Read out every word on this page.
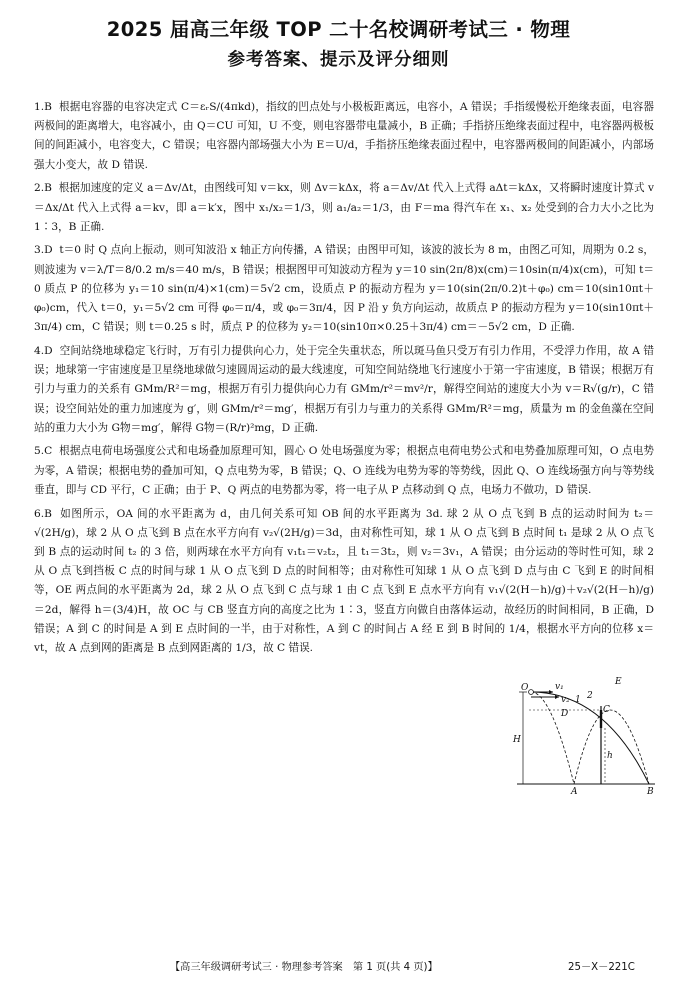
2025 届高三年级 TOP 二十名校调研考试三 · 物理
参考答案、提示及评分细则

1.B 根据电容器的电容决定式 C＝εᵣS/(4πkd)，指纹的凹点处与小极板距离远，电容小，A 错误；手指缓慢松开绝缘表面，电容器两极间的距离增大，电容减小，由 Q＝CU 可知，U 不变，则电容器带电量减小，B 正确；手指挤压绝缘表面过程中，电容器两极板间的间距减小，电容变大，C 错误；电容器内部场强大小为 E＝U/d，手指挤压绝缘表面过程中，电容器两极间的间距减小，内部场强大小变大，故 D 错误.

2.B 根据加速度的定义 a＝Δv/Δt，由图线可知 v＝kx，则 Δv＝kΔx，将 a＝Δv/Δt 代入上式得 aΔt＝kΔx，又将瞬时速度计算式 v＝Δx/Δt 代入上式得 a＝kv，即 a＝k′x，图中 x₁/x₂＝1/3，则 a₁/a₂＝1/3，由 F＝ma 得汽车在 x₁、x₂ 处受到的合力大小之比为 1∶3，B 正确.

3.D t＝0 时 Q 点向上振动，则可知波沿 x 轴正方向传播，A 错误；由图甲可知，该波的波长为 8 m，由图乙可知，周期为 0.2 s，则波速为 v＝λ/T＝8/0.2 m/s＝40 m/s，B 错误；根据图甲可知波动方程为 y＝10 sin(2π/8)x(cm)＝10sin(π/4)x(cm)，可知 t＝0 质点 P 的位移为 y₁＝10 sin(π/4)×1(cm)＝5√2 cm，设质点 P 的振动方程为 y＝10(sin(2π/0.2)t＋φ₀) cm＝10(sin10πt＋φ₀)cm，代入 t＝0，y₁＝5√2 cm 可得 φ₀＝π/4，或 φ₀＝3π/4，因 P 沿 y 负方向运动，故质点 P 的振动方程为 y＝10(sin10πt＋3π/4) cm，C 错误；则 t＝0.25 s 时，质点 P 的位移为 y₂＝10(sin10π×0.25＋3π/4) cm＝－5√2 cm，D 正确.

4.D 空间站绕地球稳定飞行时，万有引力提供向心力，处于完全失重状态，所以斑马鱼只受万有引力作用，不受浮力作用，故 A 错误；地球第一宇宙速度是卫星绕地球做匀速圆周运动的最大线速度，可知空间站绕地飞行速度小于第一宇宙速度，B 错误；根据万有引力与重力的关系有 GMm/R²＝mg，根据万有引力提供向心力有 GMm/r²＝mv²/r，解得空间站的速度大小为 v＝R√(g/r)，C 错误；设空间站处的重力加速度为 g′，则 GMm/r²＝mg′，根据万有引力与重力的关系得 GMm/R²＝mg，质量为 m 的金鱼藻在空间站的重力大小为 G物＝mg′，解得 G物＝(R/r)²mg，D 正确.

5.C 根据点电荷电场强度公式和电场叠加原理可知，圆心 O 处电场强度为零；根据点电荷电势公式和电势叠加原理可知，O 点电势为零，A 错误；根据电势的叠加可知，Q 点电势为零，B 错误；Q、O 连线为电势为零的等势线，因此 Q、O 连线场强方向与等势线垂直，即与 CD 平行，C 正确；由于 P、Q 两点的电势都为零，将一电子从 P 点移动到 Q 点，电场力不做功，D 错误.

6.B 如图所示，OA 间的水平距离为 d，由几何关系可知 OB 间的水平距离为 3d. 球 2 从 O 点飞到 B 点的运动时间为 t₂＝√(2H/g)，球 2 从 O 点飞到 B 点在水平方向有 v₂√(2H/g)＝3d，由对称性可知，球 1 从 O 点飞到 B 点时间 t₁ 是球 2 从 O 点飞到 B 点的运动时间 t₂ 的 3 倍，则两球在水平方向有 v₁t₁＝v₂t₂，且 t₁＝3t₂，则 v₂＝3v₁，A 错误；由分运动的等时性可知，球 2 从 O 点飞到挡板 C 点的时间与球 1 从 O 点飞到 D 点的时间相等；由对称性可知球 1 从 O 点飞到 D 点与由 C 飞到 E 的时间相等，OE 两点间的水平距离为 2d，球 2 从 O 点飞到 C 点与球 1 由 C 点飞到 E 点水平方向有 v₁√(2(H－h)/g)＋v₂√(2(H－h)/g)＝2d，解得 h＝(3/4)H，故 OC 与 CB 竖直方向的高度之比为 1∶3，竖直方向做自由落体运动，故经历的时间相同，B 正确，D 错误；A 到 C 的时间是 A 到 E 点时间的一半，由于对称性，A 到 C 的时间占 A 经 E 到 B 时间的 1/4，根据水平方向的位移 x＝vt，故 A 点到网的距离是 B 点到网距离的 1/3，故 C 错误.

O	v₁
v₂ 1 2
D	C
E
H
h
A	B
【高三年级调研考试三 · 物理参考答案　第 1 页(共 4 页)】	25－X－221C
